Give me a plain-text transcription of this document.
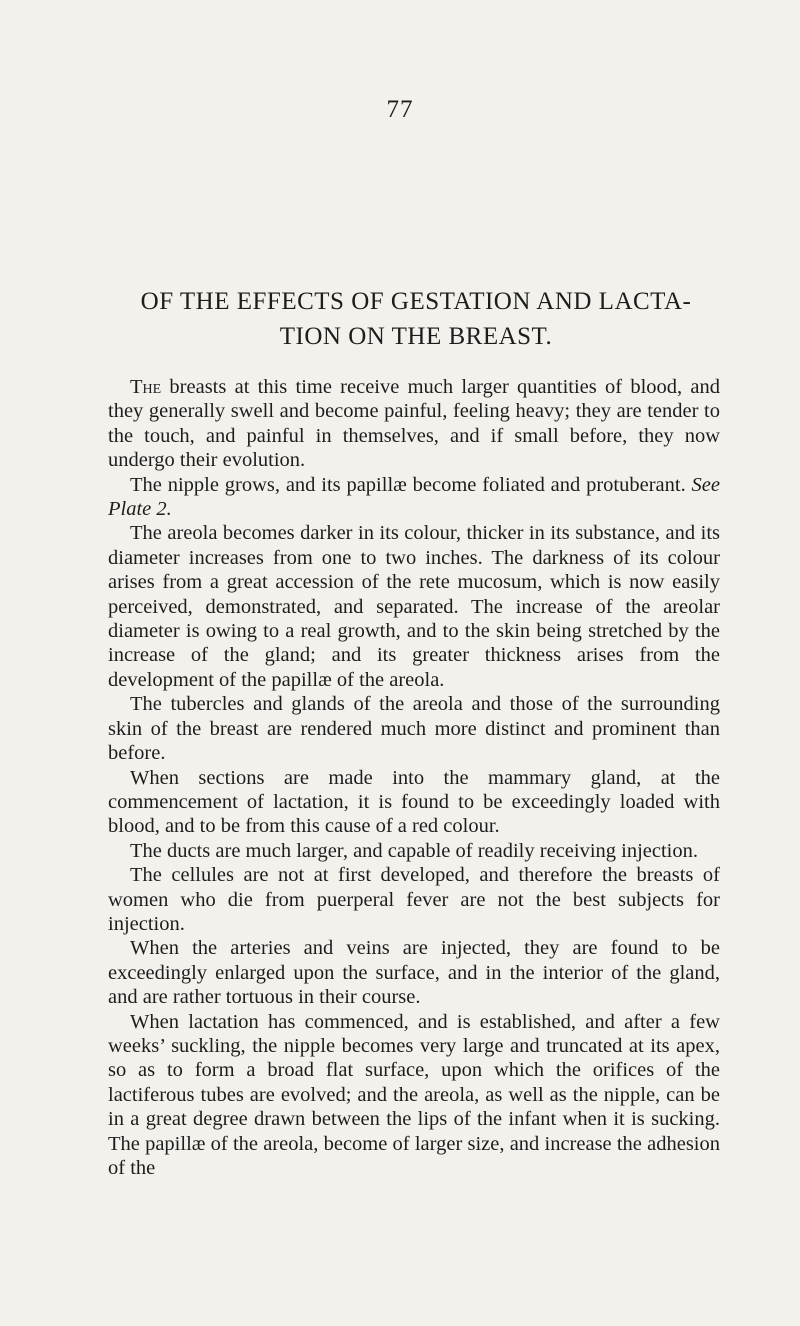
77
OF THE EFFECTS OF GESTATION AND LACTA-
TION ON THE BREAST.

The breasts at this time receive much larger quantities of blood, and they generally swell and become painful, feeling heavy; they are tender to the touch, and painful in themselves, and if small before, they now undergo their evolution.

The nipple grows, and its papillæ become foliated and protuberant. See Plate 2.

The areola becomes darker in its colour, thicker in its substance, and its diameter increases from one to two inches. The darkness of its colour arises from a great accession of the rete mucosum, which is now easily perceived, demonstrated, and separated. The increase of the areolar diameter is owing to a real growth, and to the skin being stretched by the increase of the gland; and its greater thickness arises from the development of the papillæ of the areola.

The tubercles and glands of the areola and those of the surrounding skin of the breast are rendered much more distinct and prominent than before.

When sections are made into the mammary gland, at the commencement of lactation, it is found to be exceedingly loaded with blood, and to be from this cause of a red colour.

The ducts are much larger, and capable of readily receiving injection.

The cellules are not at first developed, and therefore the breasts of women who die from puerperal fever are not the best subjects for injection.

When the arteries and veins are injected, they are found to be exceedingly enlarged upon the surface, and in the interior of the gland, and are rather tortuous in their course.

When lactation has commenced, and is established, and after a few weeks’ suckling, the nipple becomes very large and truncated at its apex, so as to form a broad flat surface, upon which the orifices of the lactiferous tubes are evolved; and the areola, as well as the nipple, can be in a great degree drawn between the lips of the infant when it is sucking. The papillæ of the areola, become of larger size, and increase the adhesion of the
